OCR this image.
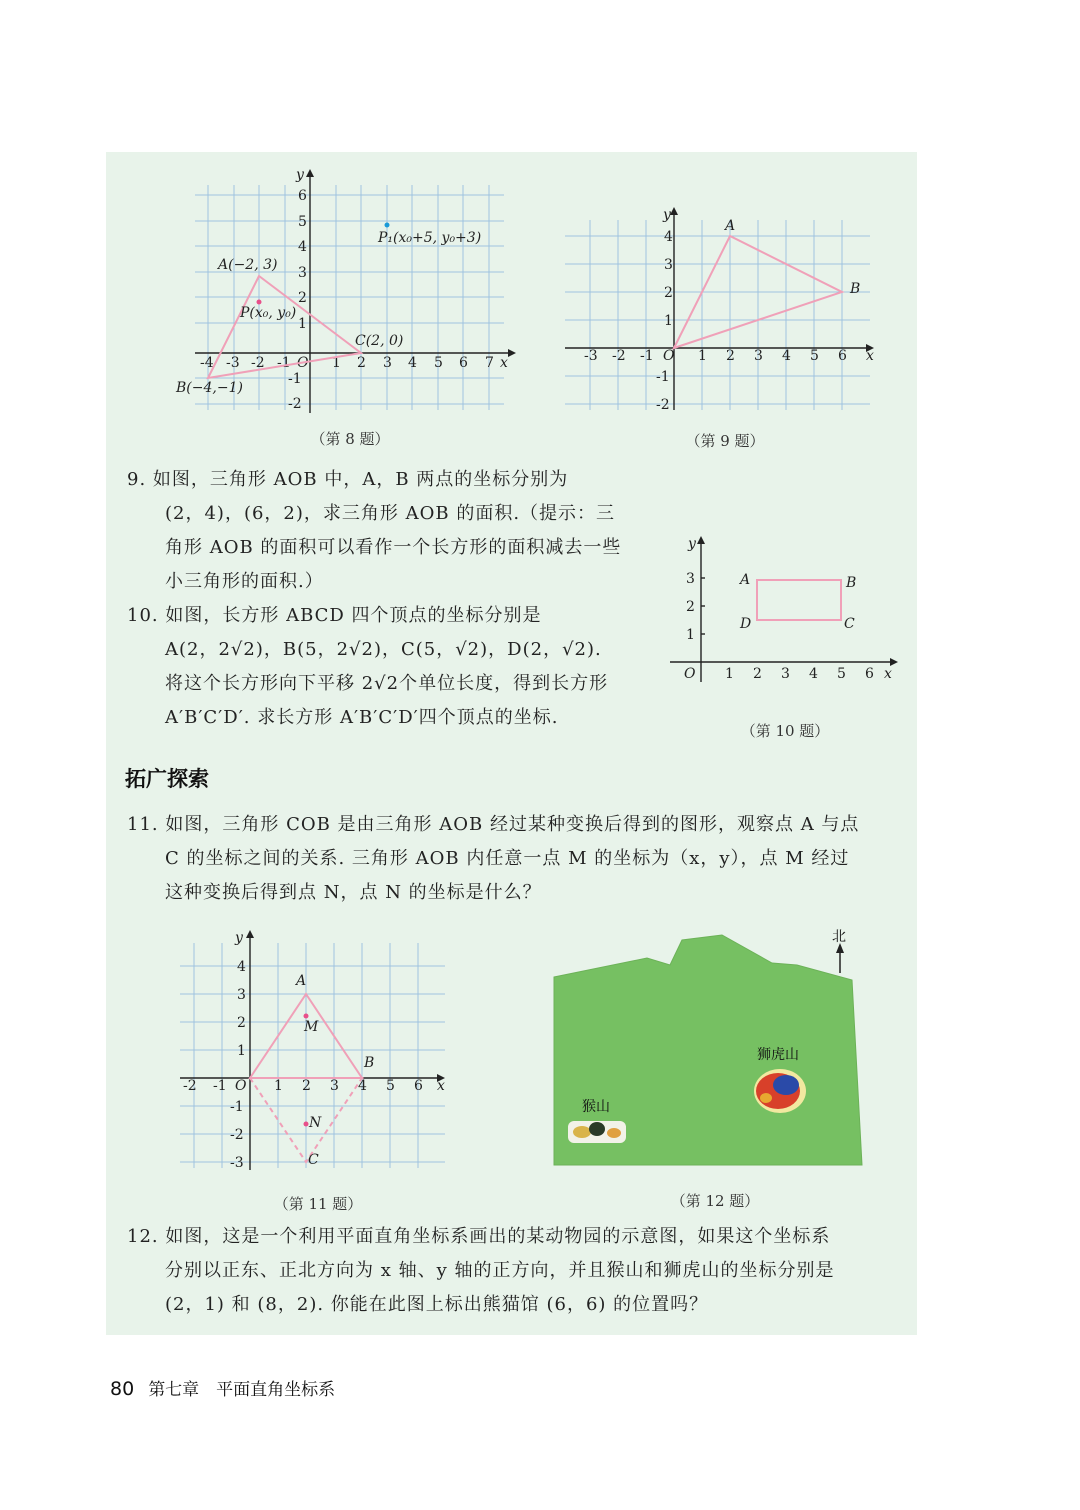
x
y
O
-4 -3 -2 -1	1 2 3 4 5 6 7
-2
-1
1
2
3
4
5
6
A(−2, 3)
B(−4,−1)
C(2, 0)
P(x₀, y₀)
P₁(x₀+5, y₀+3)
（第 8 题）
x
y
O
-3 -2 -1	1 2 3 4 5 6
-2
-1
1
2
3
4
A
B
（第 9 题）
9. 如图，三角形 AOB 中，A，B 两点的坐标分别为
(2，4)，(6，2)，求三角形 AOB 的面积.（提示：三
角形 AOB 的面积可以看作一个长方形的面积减去一些
小三角形的面积.）
10. 如图，长方形 ABCD 四个顶点的坐标分别是
A(2，2√2)，B(5，2√2)，C(5，√2)，D(2，√2).
将这个长方形向下平移 2√2个单位长度，得到长方形
A′B′C′D′. 求长方形 A′B′C′D′四个顶点的坐标.
x
y
O 1 2 3 4 5 6
1
2
3	A	B
C
D
（第 10 题）
拓广探索
11. 如图，三角形 COB 是由三角形 AOB 经过某种变换后得到的图形，观察点 A 与点
C 的坐标之间的关系. 三角形 AOB 内任意一点 M 的坐标为（x，y），点 M 经过
这种变换后得到点 N，点 N 的坐标是什么？
x
y
O
-2 -1	1 2 3 4 5 6
-3
-2
-1
1
2
3
4
A
B
C
M
N
（第 11 题）
猴山
狮虎山
北
（第 12 题）
12. 如图，这是一个利用平面直角坐标系画出的某动物园的示意图，如果这个坐标系
分别以正东、正北方向为 x 轴、y 轴的正方向，并且猴山和狮虎山的坐标分别是
(2，1) 和 (8，2). 你能在此图上标出熊猫馆 (6，6) 的位置吗？
80 第七章　平面直角坐标系
